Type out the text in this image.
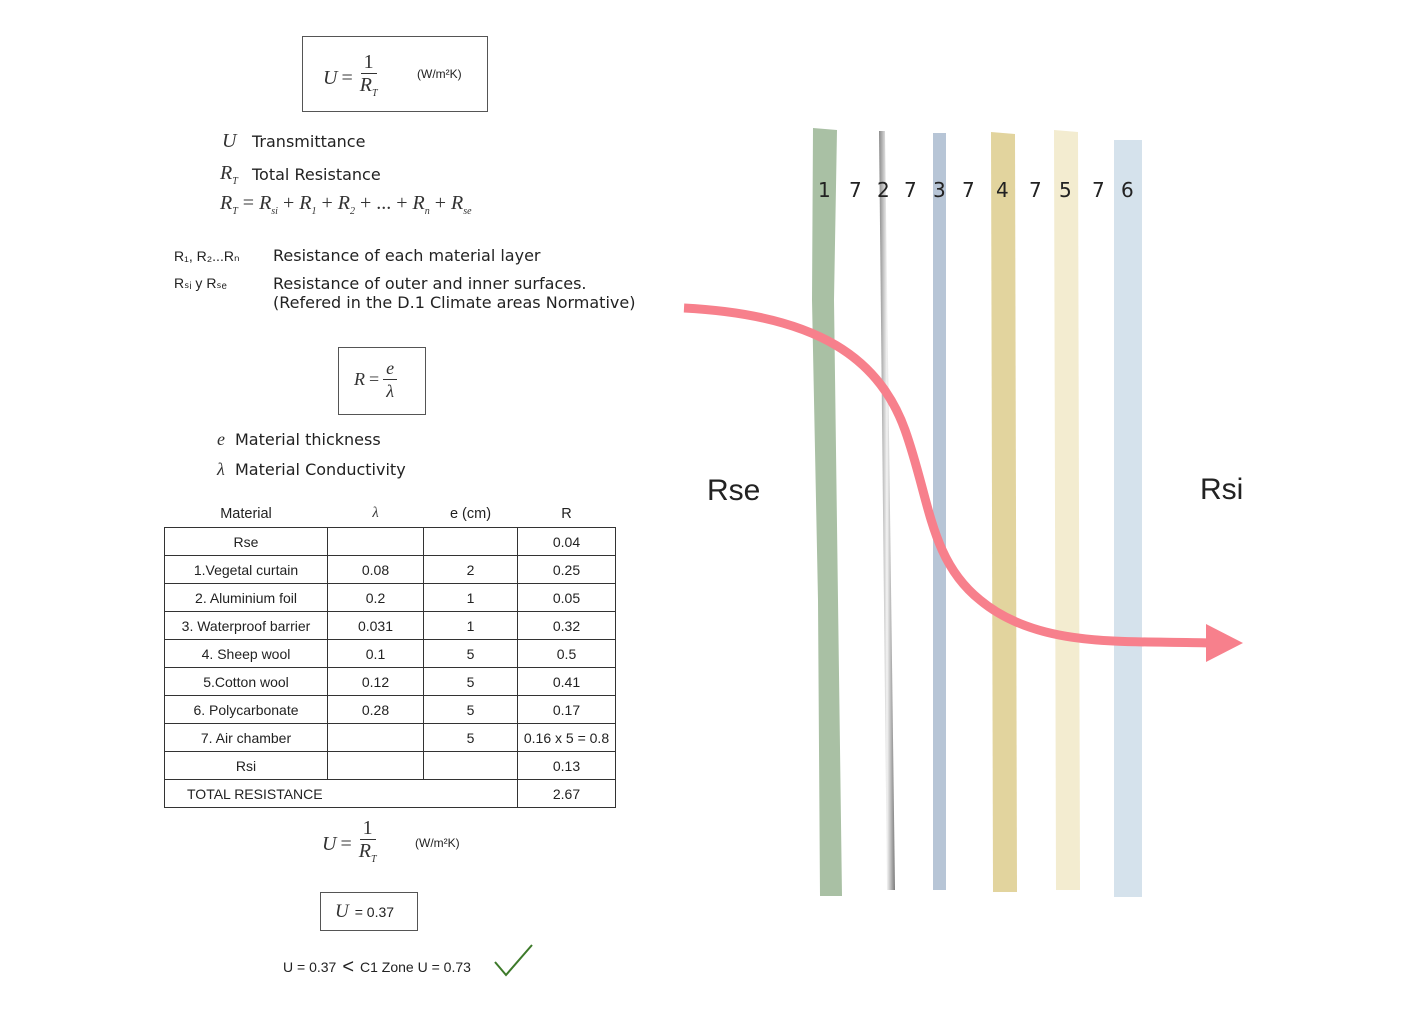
$U = \frac{1}{R_T}$	(W/m²K)
U Transmittance
$R_T$ Total Resistance
$R_T = R_{si} + R_1 + R_2$ + ... + $R_n + R_{se}$
R₁, R₂...Rₙ Resistance of each material layer
Rₛᵢ y Rₛₑ	Resistance of outer and inner surfaces.
(Refered in the D.1 Climate areas Normative)
$R = \frac{e}{\lambda}$
e Material thickness
λ Material Conductivity
Material	λ	e (cm)	R
Rse			0.04
1.Vegetal curtain	0.08	2	0.25
2. Aluminium foil	0.2	1	0.05
3. Waterproof barrier	0.031	1	0.32
4. Sheep wool	0.1	5	0.5
5.Cotton wool	0.12	5	0.41
6. Polycarbonate	0.28	5	0.17
7. Air chamber		5	0.16 x 5 = 0.8
Rsi			0.13
TOTAL RESISTANCE			2.67
$U = \frac{1}{R_T}$	(W/m²K)
U = 0.37
U = 0.37 < C1 Zone U = 0.73
1 7 2 7 3 7 4 7 5 7 6
Rse	Rsi
